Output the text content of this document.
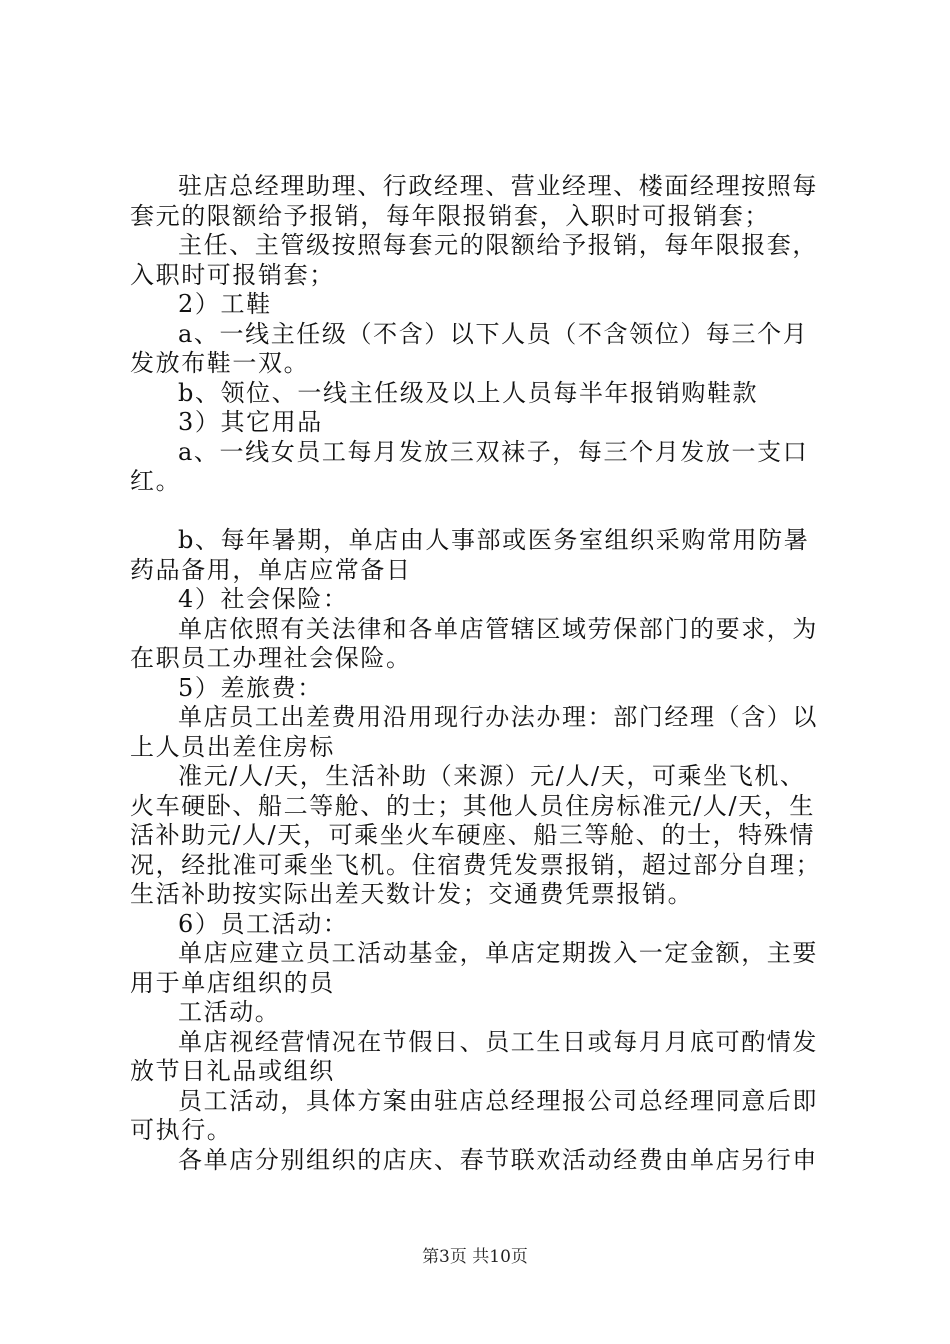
驻店总经理助理、行政经理、营业经理、楼面经理按照每套元的限额给予报销，每年限报销套，入职时可报销套；

主任、主管级按照每套元的限额给予报销，每年限报套，入职时可报销套；

2）工鞋

a、一线主任级（不含）以下人员（不含领位）每三个月发放布鞋一双。

b、领位、一线主任级及以上人员每半年报销购鞋款

3）其它用品

a、一线女员工每月发放三双袜子，每三个月发放一支口红。

b、每年暑期，单店由人事部或医务室组织采购常用防暑药品备用，单店应常备日

4）社会保险：

单店依照有关法律和各单店管辖区域劳保部门的要求，为在职员工办理社会保险。

5）差旅费：

单店员工出差费用沿用现行办法办理：部门经理（含）以上人员出差住房标

准元/人/天，生活补助（来源）元/人/天，可乘坐飞机、火车硬卧、船二等舱、的士；其他人员住房标准元/人/天，生活补助元/人/天，可乘坐火车硬座、船三等舱、的士，特殊情况，经批准可乘坐飞机。住宿费凭发票报销，超过部分自理；生活补助按实际出差天数计发；交通费凭票报销。

6）员工活动：

单店应建立员工活动基金，单店定期拨入一定金额，主要用于单店组织的员

工活动。

单店视经营情况在节假日、员工生日或每月月底可酌情发放节日礼品或组织

员工活动，具体方案由驻店总经理报公司总经理同意后即可执行。

各单店分别组织的店庆、春节联欢活动经费由单店另行申

第3页 共10页
